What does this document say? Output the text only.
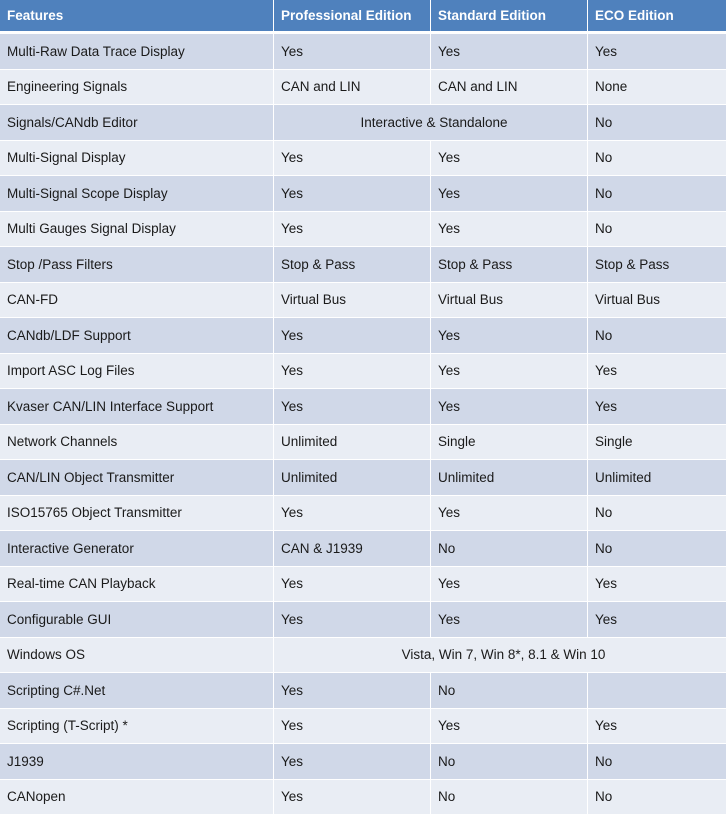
Features	Professional Edition	Standard Edition	ECO Edition
Multi-Raw Data Trace Display	Yes	Yes	Yes
Engineering Signals	CAN and LIN	CAN and LIN	None
Signals/CANdb Editor	Interactive & Standalone		No
Multi-Signal Display	Yes	Yes	No
Multi-Signal Scope Display	Yes	Yes	No
Multi Gauges Signal Display	Yes	Yes	No
Stop /Pass Filters	Stop & Pass	Stop & Pass	Stop & Pass
CAN-FD	Virtual Bus	Virtual Bus	Virtual Bus
CANdb/LDF Support	Yes	Yes	No
Import ASC Log Files	Yes	Yes	Yes
Kvaser CAN/LIN Interface Support	Yes	Yes	Yes
Network Channels	Unlimited	Single	Single
CAN/LIN Object Transmitter	Unlimited	Unlimited	Unlimited
ISO15765 Object Transmitter	Yes	Yes	No
Interactive Generator	CAN & J1939	No	No
Real-time CAN Playback	Yes	Yes	Yes
Configurable GUI	Yes	Yes	Yes
Windows OS	Vista, Win 7, Win 8*, 8.1 & Win 10		
Scripting C#.Net	Yes	No	
Scripting (T-Script) *	Yes	Yes	Yes
J1939	Yes	No	No
CANopen	Yes	No	No
